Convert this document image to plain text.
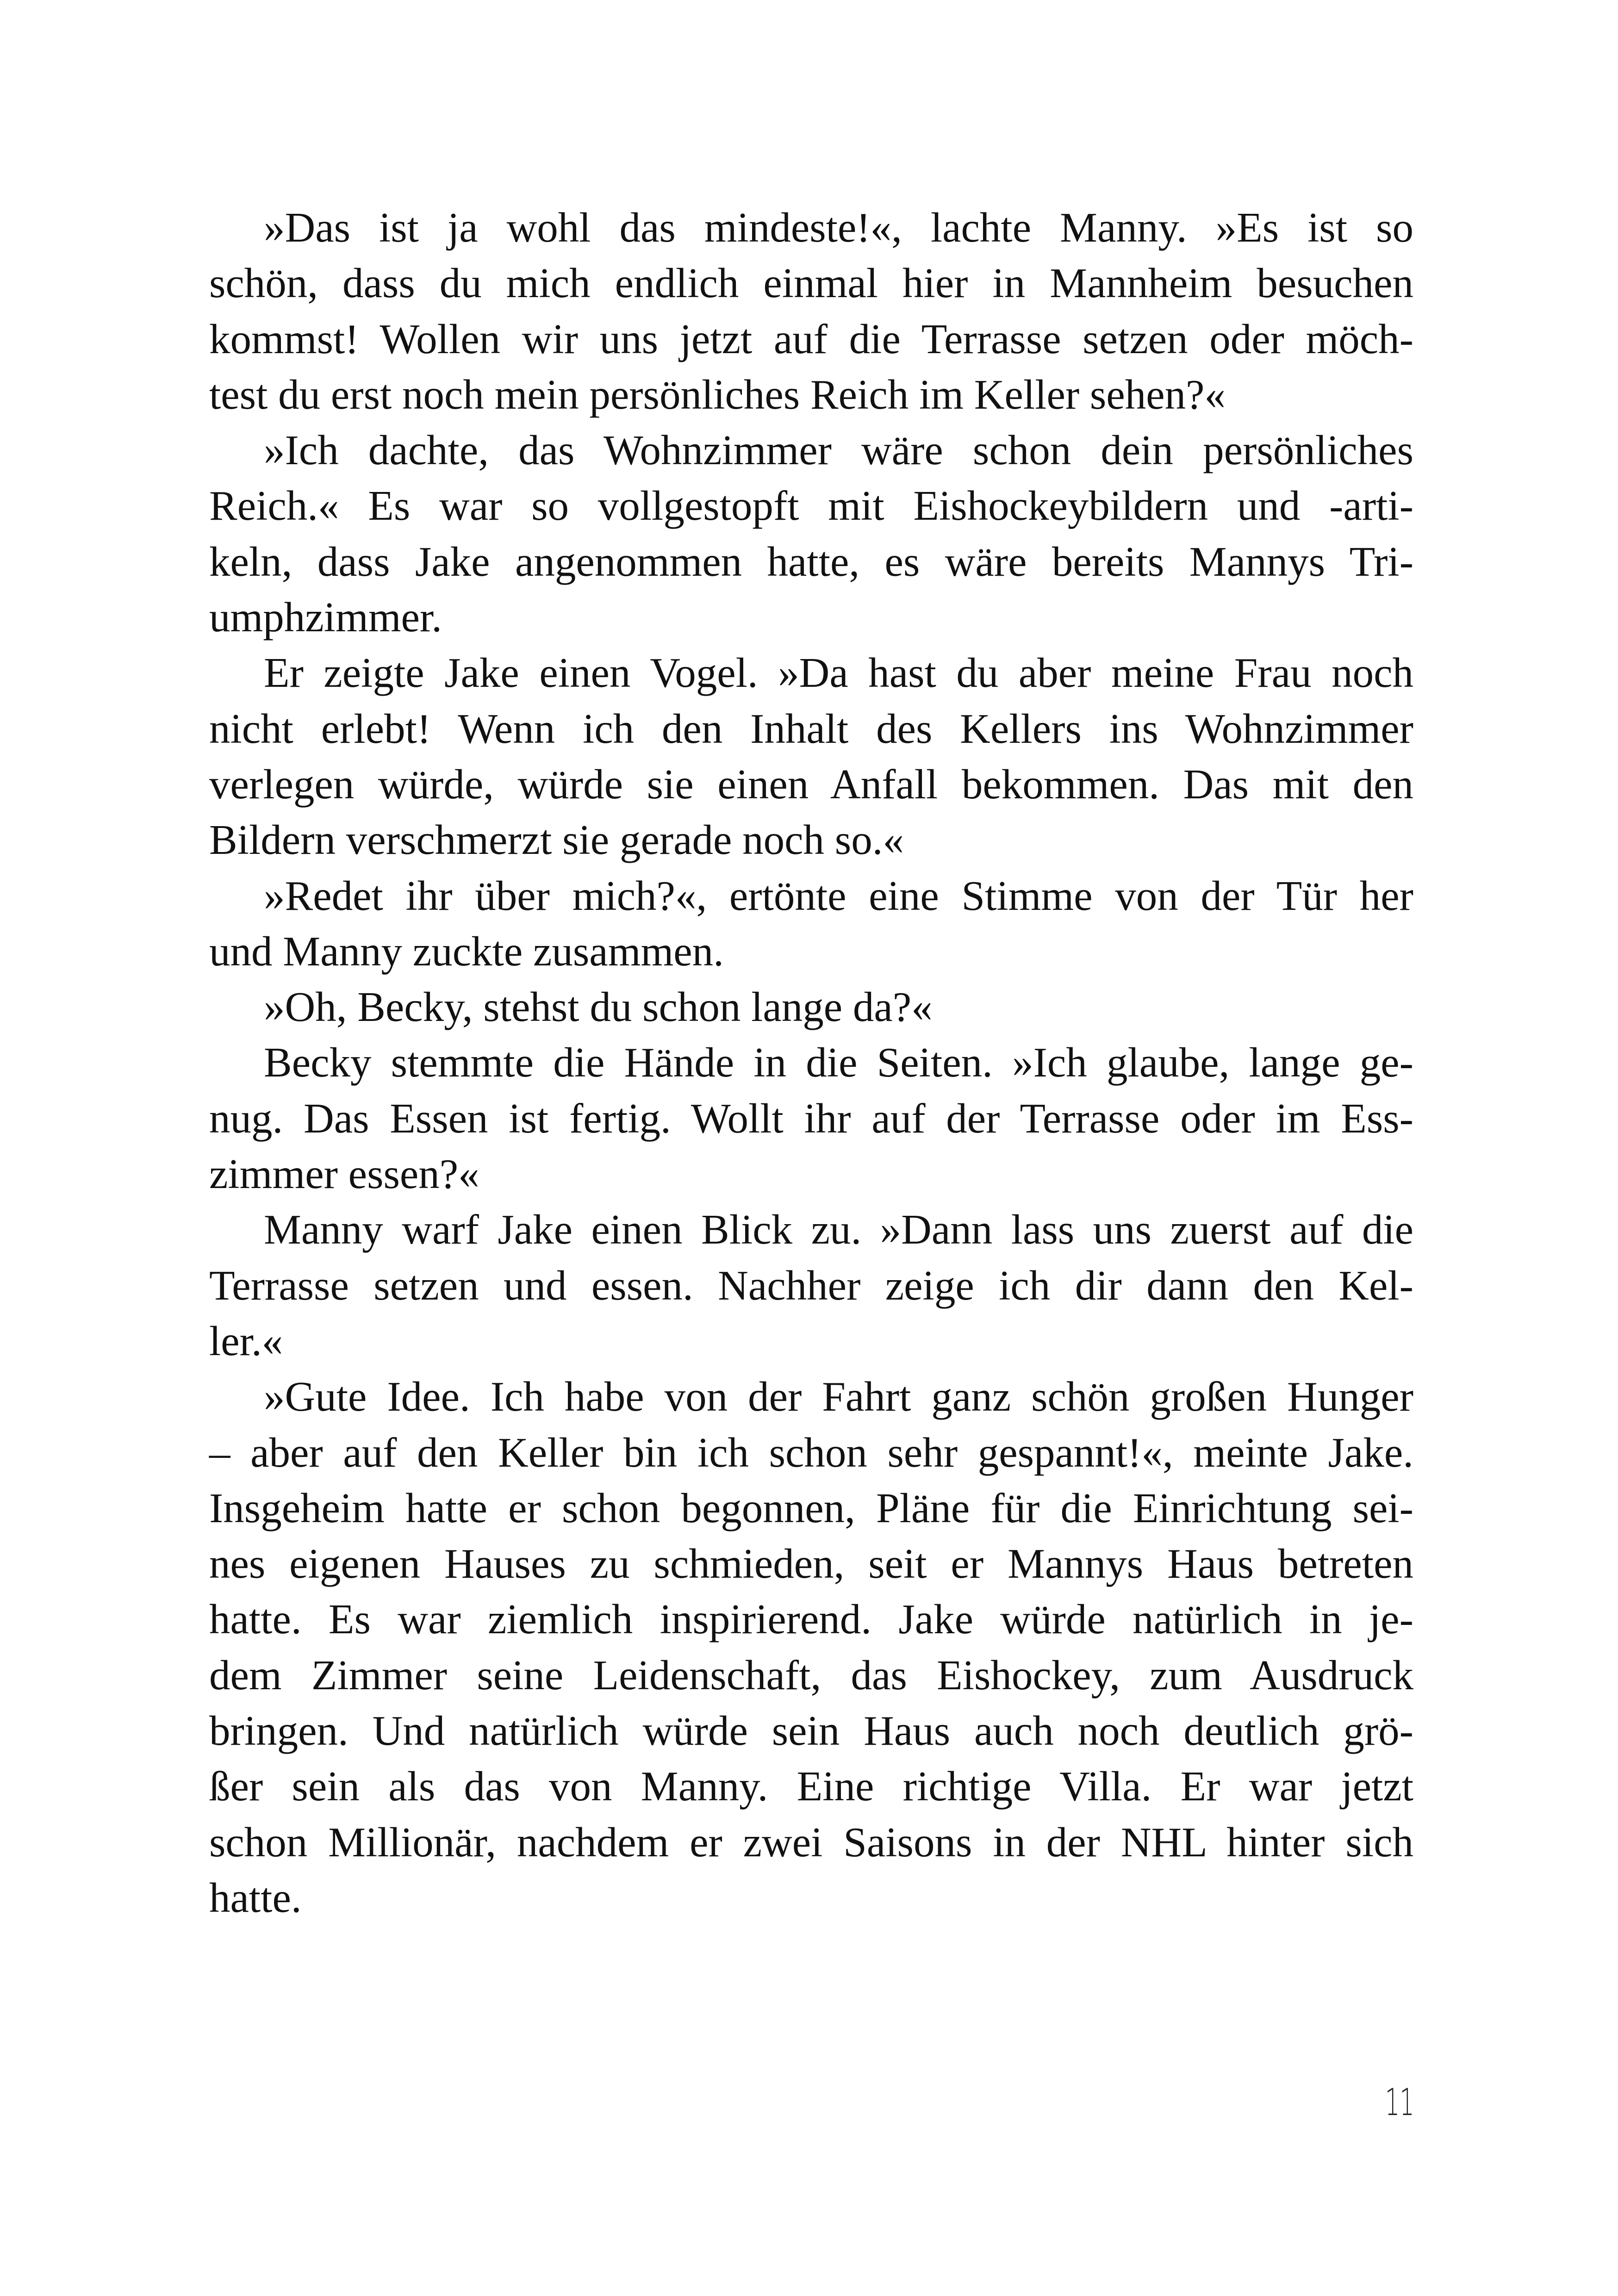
»Das ist ja wohl das mindeste!«, lachte Manny. »Es ist so
schön, dass du mich endlich einmal hier in Mannheim besuchen
kommst! Wollen wir uns jetzt auf die Terrasse setzen oder möch-
test du erst noch mein persönliches Reich im Keller sehen?«
»Ich dachte, das Wohnzimmer wäre schon dein persönliches
Reich.« Es war so vollgestopft mit Eishockeybildern und -arti-
keln, dass Jake angenommen hatte, es wäre bereits Mannys Tri-
umphzimmer.
Er zeigte Jake einen Vogel. »Da hast du aber meine Frau noch
nicht erlebt! Wenn ich den Inhalt des Kellers ins Wohnzimmer
verlegen würde, würde sie einen Anfall bekommen. Das mit den
Bildern verschmerzt sie gerade noch so.«
»Redet ihr über mich?«, ertönte eine Stimme von der Tür her
und Manny zuckte zusammen.
»Oh, Becky, stehst du schon lange da?«
Becky stemmte die Hände in die Seiten. »Ich glaube, lange ge-
nug. Das Essen ist fertig. Wollt ihr auf der Terrasse oder im Ess-
zimmer essen?«
Manny warf Jake einen Blick zu. »Dann lass uns zuerst auf die
Terrasse setzen und essen. Nachher zeige ich dir dann den Kel-
ler.«
»Gute Idee. Ich habe von der Fahrt ganz schön großen Hunger
– aber auf den Keller bin ich schon sehr gespannt!«, meinte Jake.
Insgeheim hatte er schon begonnen, Pläne für die Einrichtung sei-
nes eigenen Hauses zu schmieden, seit er Mannys Haus betreten
hatte. Es war ziemlich inspirierend. Jake würde natürlich in je-
dem Zimmer seine Leidenschaft, das Eishockey, zum Ausdruck
bringen. Und natürlich würde sein Haus auch noch deutlich grö-
ßer sein als das von Manny. Eine richtige Villa. Er war jetzt
schon Millionär, nachdem er zwei Saisons in der NHL hinter sich
hatte.
11
